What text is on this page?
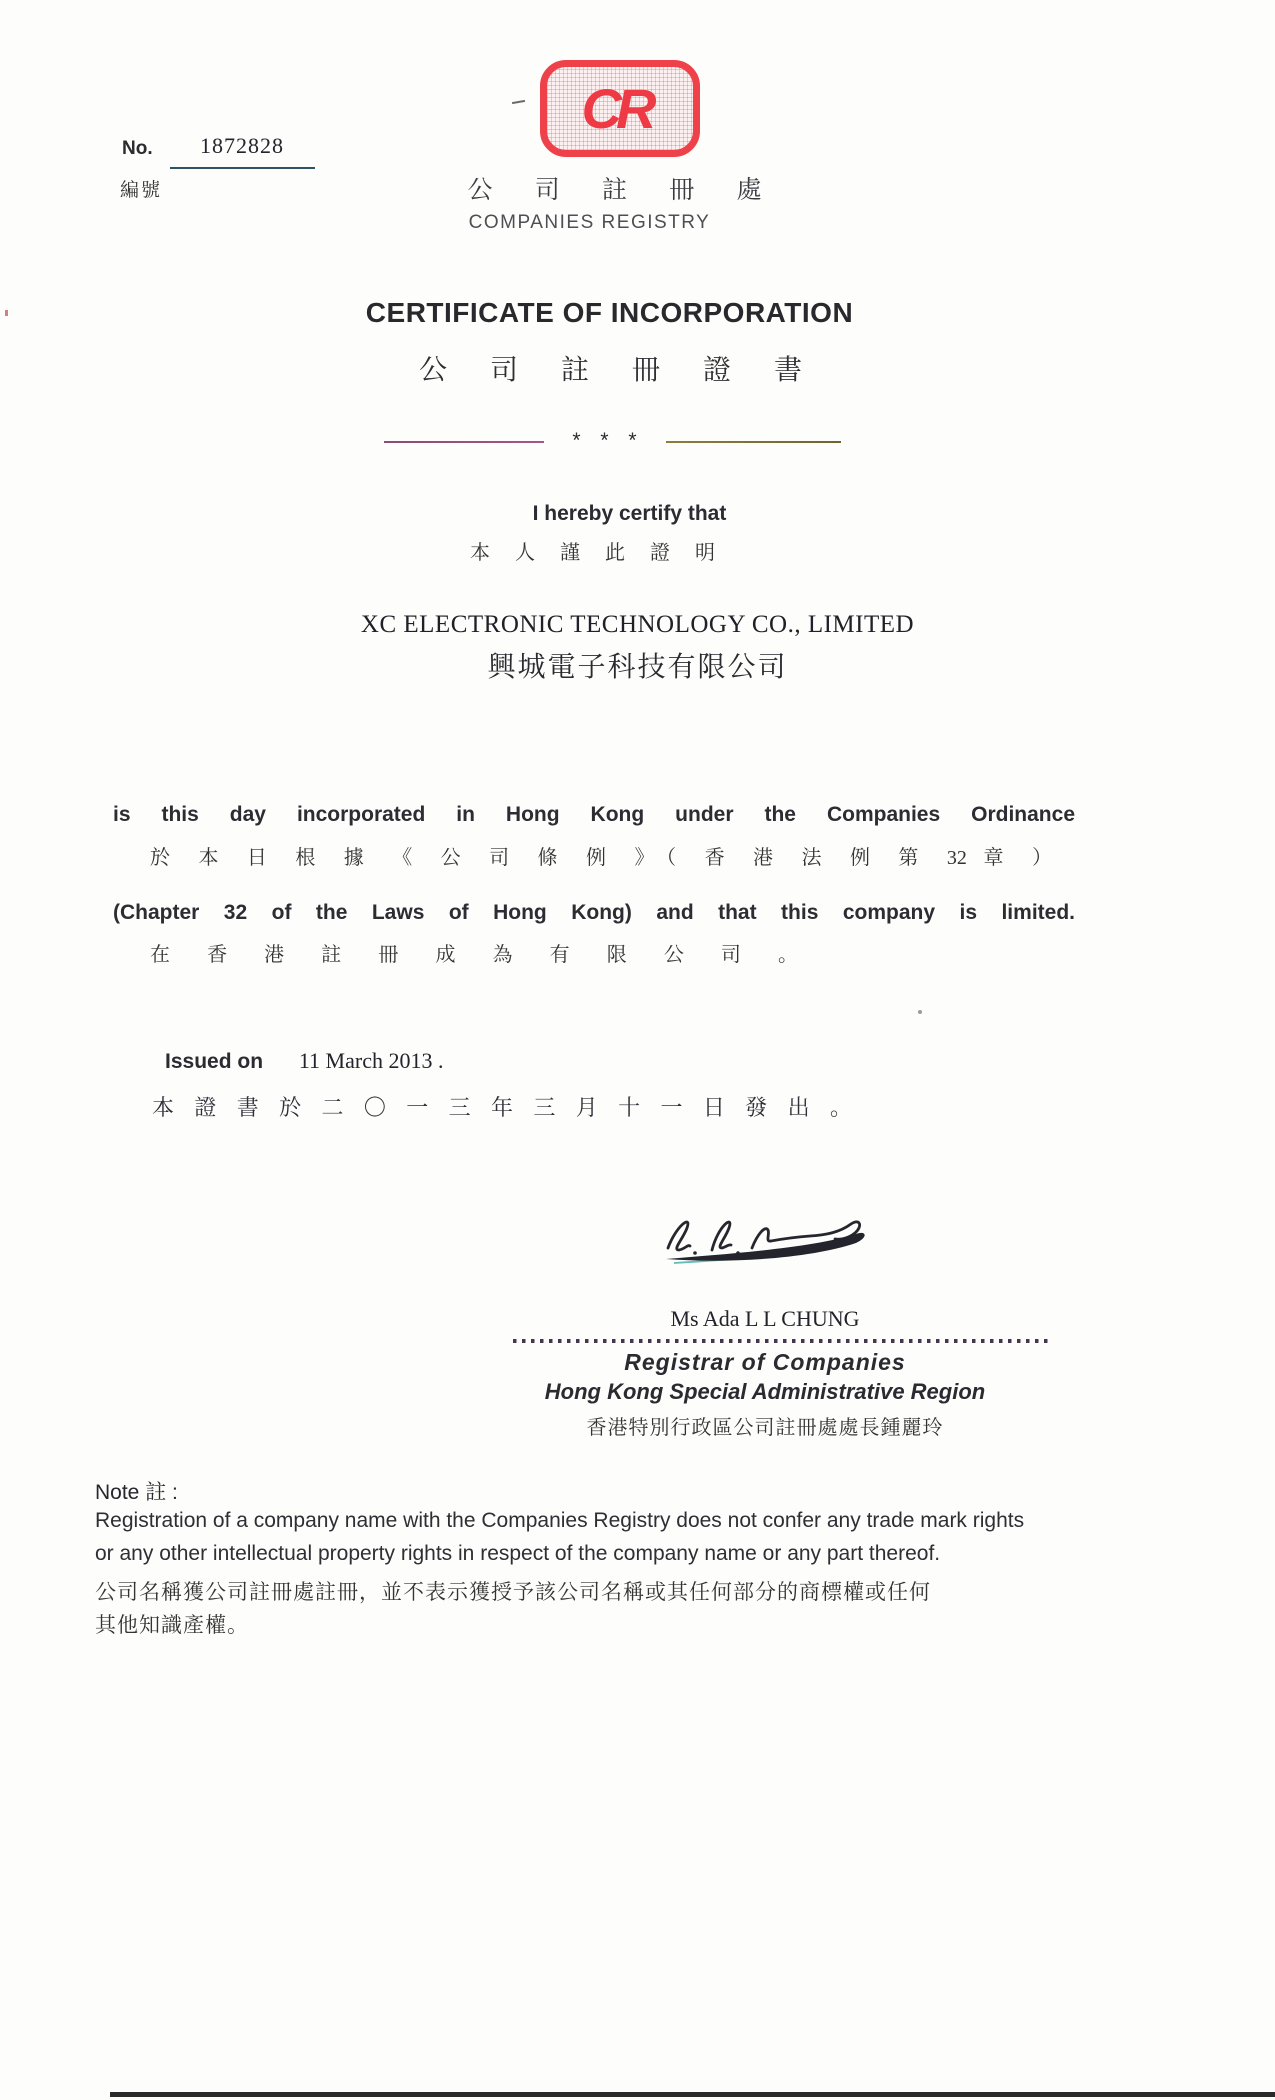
No. 1872828
編號
CR
公 司 註 冊 處
COMPANIES REGISTRY
CERTIFICATE OF INCORPORATION
公 司 註 冊 證 書
* * *
I hereby certify that
本 人 謹 此 證 明
XC ELECTRONIC TECHNOLOGY CO., LIMITED
興城電子科技有限公司
is this day incorporated in Hong Kong under the Companies Ordinance
於 本 日 根 據 《 公 司 條 例 》（ 香 港 法 例 第 32 章 ）
(Chapter 32 of the Laws of Hong Kong) and that this company is limited.
在 香 港 註 冊 成 為 有 限 公 司 。
Issued on 11 March 2013 .
本 證 書 於 二 〇 一 三 年 三 月 十 一 日 發 出 。
Ms Ada L L CHUNG
Registrar of Companies
Hong Kong Special Administrative Region
香港特別行政區公司註冊處處長鍾麗玲
Note 註 :
Registration of a company name with the Companies Registry does not confer any trade mark rights
or any other intellectual property rights in respect of the company name or any part thereof.
公司名稱獲公司註冊處註冊，並不表示獲授予該公司名稱或其任何部分的商標權或任何
其他知識產權。
